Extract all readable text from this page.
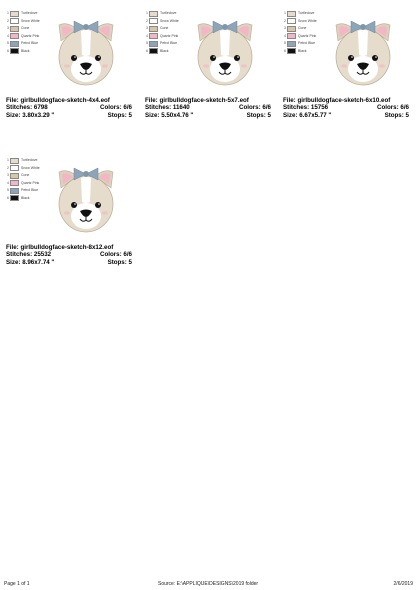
1	Turtledove
2	Snow White
3	Cone
4	Quartz Pink
5	Petrol Blue
6	Black
File: girlbulldogface-sketch-4x4.eof
Stitches: 6798	Colors: 6/6
Size: 3.80x3.29 "	Stops: 5
1	Turtledove
2	Snow White
3	Cone
4	Quartz Pink
5	Petrol Blue
6	Black
File: girlbulldogface-sketch-5x7.eof
Stitches: 11640	Colors: 6/6
Size: 5.50x4.76 "	Stops: 5
1	Turtledove
2	Snow White
3	Cone
4	Quartz Pink
5	Petrol Blue
6	Black
File: girlbulldogface-sketch-6x10.eof
Stitches: 15756	Colors: 6/6
Size: 6.67x5.77 "	Stops: 5
1	Turtledove
2	Snow White
3	Cone
4	Quartz Pink
5	Petrol Blue
6	Black
File: girlbulldogface-sketch-8x12.eof
Stitches: 25532	Colors: 6/6
Size: 8.96x7.74 "	Stops: 5
Page 1 of 1	Source: E:\APPLIQUE\DESIGNS\2019 folder	2/6/2019
